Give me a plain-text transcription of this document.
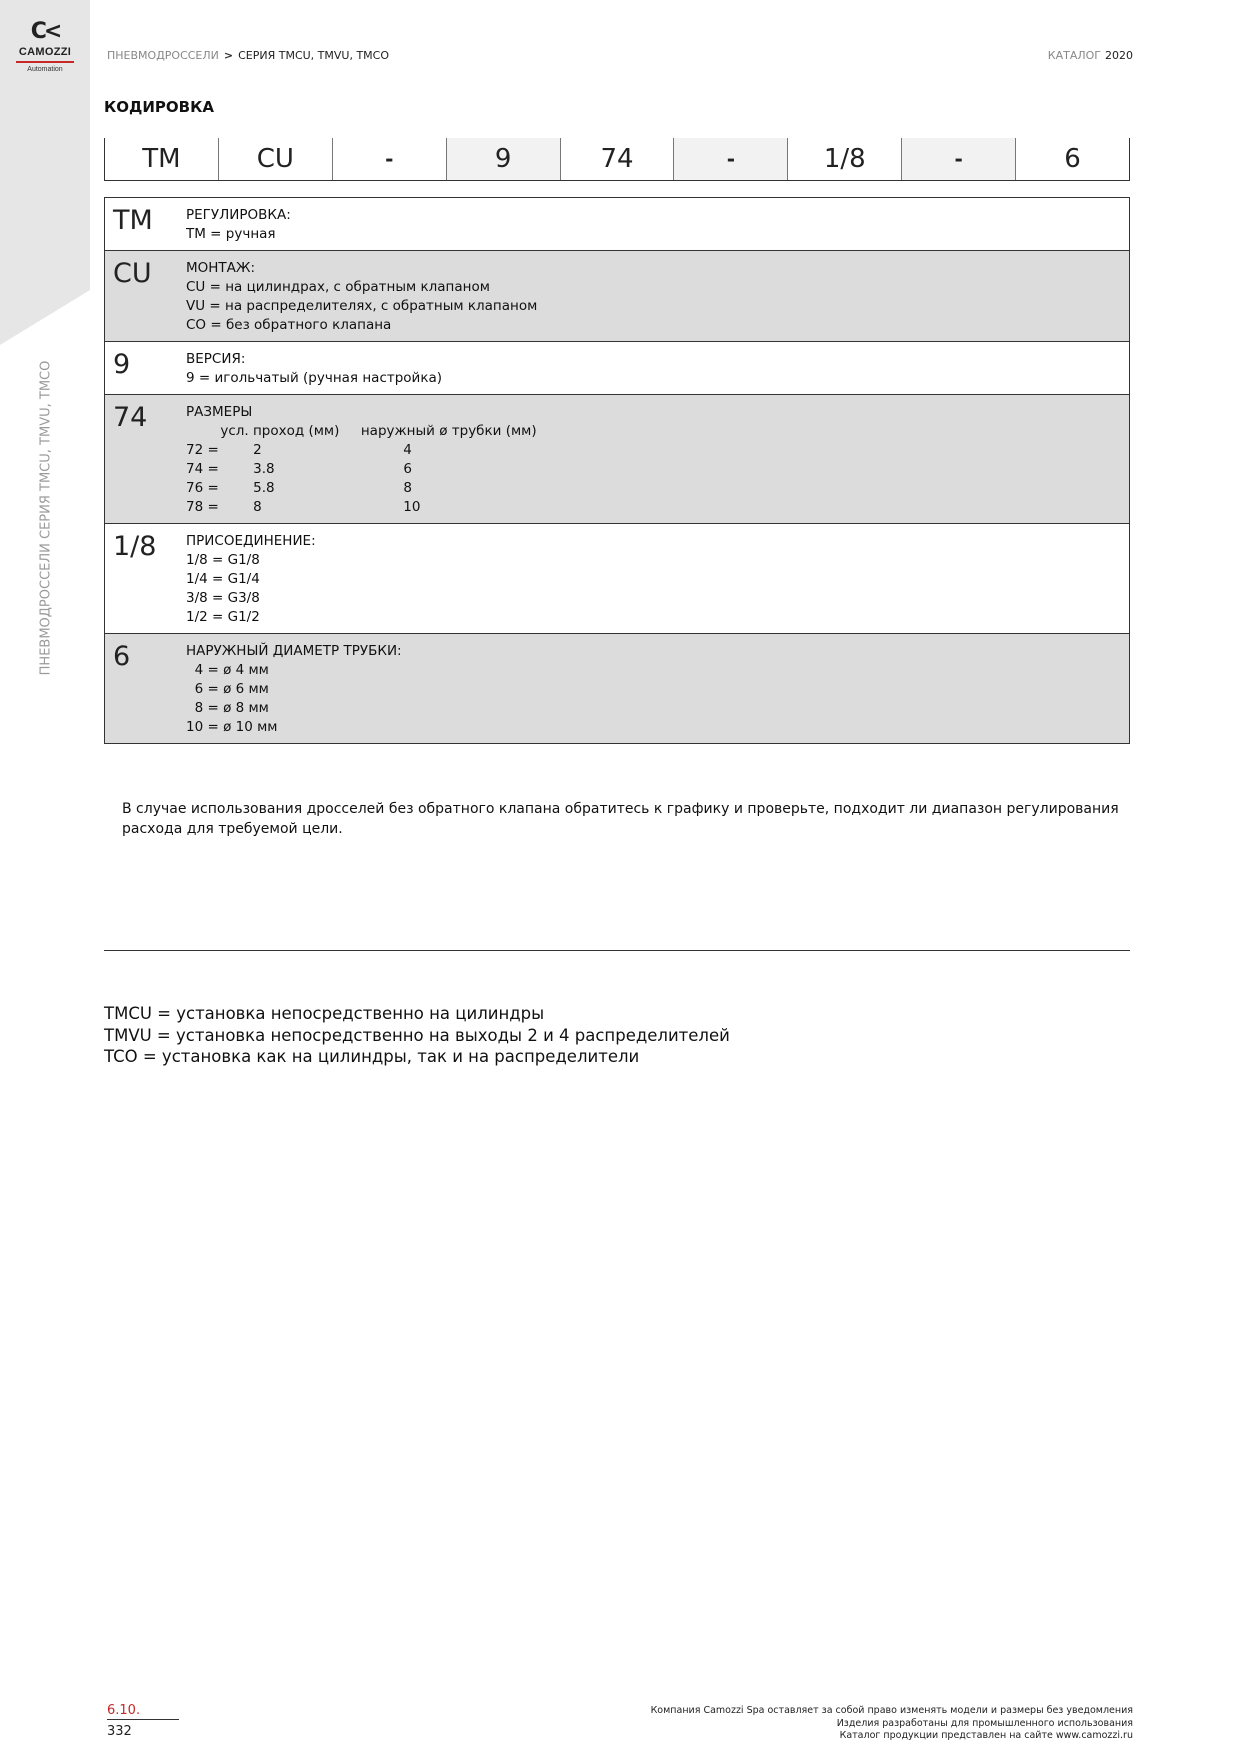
C<
CAMOZZI
Automation
ПНЕВМОДРОССЕЛИ СЕРИЯ TMCU, TMVU, TMCO
ПНЕВМОДРОССЕЛИ > СЕРИЯ TMCU, TMVU, TMCO	КАТАЛОГ 2020
КОДИРОВКА
TM	CU	-	9	74	-	1/8	-	6
TM	РЕГУЛИРОВКА:
TM = ручная
CU	МОНТАЖ:
CU = на цилиндрах, с обратным клапаном
VU = на распределителях, с обратным клапаном
CO = без обратного клапана
9	ВЕРСИЯ:
9 = игольчатый (ручная настройка)
74	РАЗМЕРЫ
усл. проход (мм)     наружный ø трубки (мм)
72 =        2                                 4
74 =        3.8                              6
76 =        5.8                              8
78 =        8                                 10
1/8	ПРИСОЕДИНЕНИЕ:
1/8 = G1/8
1/4 = G1/4
3/8 = G3/8
1/2 = G1/2
6	НАРУЖНЫЙ ДИАМЕТР ТРУБКИ:
4 = ø 4 мм
6 = ø 6 мм
8 = ø 8 мм
10 = ø 10 мм
В случае использования дросселей без обратного клапана обратитесь к графику и проверьте, подходит ли диапазон регулирования расхода для требуемой цели.
TMCU = установка непосредственно на цилиндры
TMVU = установка непосредственно на выходы 2 и 4 распределителей
TCO = установка как на цилиндры, так и на распределители
6.10.
332
Компания Camozzi Spa оставляет за собой право изменять модели и размеры без уведомления
Изделия разработаны для промышленного использования
Каталог продукции представлен на сайте www.camozzi.ru
